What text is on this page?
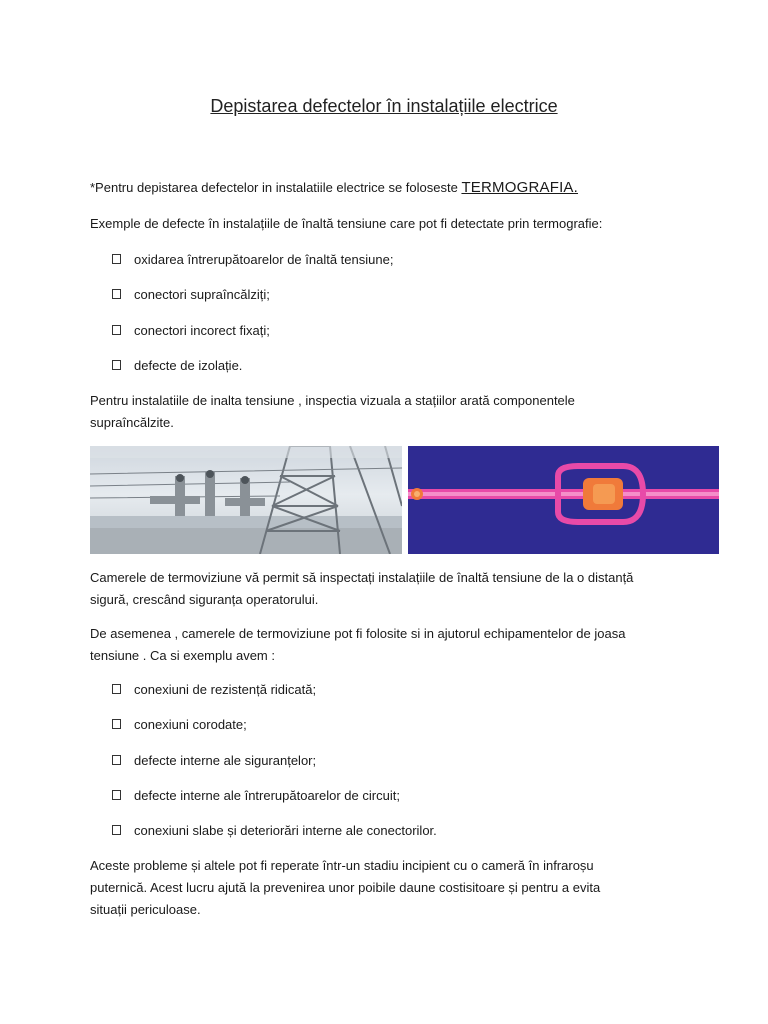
Depistarea defectelor în instalațiile electrice
*Pentru depistarea defectelor in instalatiile electrice se foloseste TERMOGRAFIA.
Exemple de defecte în instalațiile de înaltă tensiune care pot fi detectate prin termografie:
oxidarea întrerupătoarelor de înaltă tensiune;
conectori supraîncălziți;
conectori incorect fixați;
defecte de izolație.
Pentru instalatiile de inalta tensiune , inspectia vizuala a stațiilor arată componentele
supraîncălzite.
Camerele de termoviziune vă permit să inspectați instalațiile de înaltă tensiune de la o distanță
sigură, crescând siguranța operatorului.
De asemenea , camerele de termoviziune pot fi folosite si in ajutorul echipamentelor de joasa
tensiune . Ca si exemplu avem :
conexiuni de rezistență ridicată;
conexiuni corodate;
defecte interne ale siguranțelor;
defecte interne ale întrerupătoarelor de circuit;
conexiuni slabe și deteriorări interne ale conectorilor.
Aceste probleme și altele pot fi reperate într-un stadiu incipient cu o cameră în infraroșu
puternică. Acest lucru ajută la prevenirea unor poibile daune costisitoare și pentru a evita
situații periculoase.
